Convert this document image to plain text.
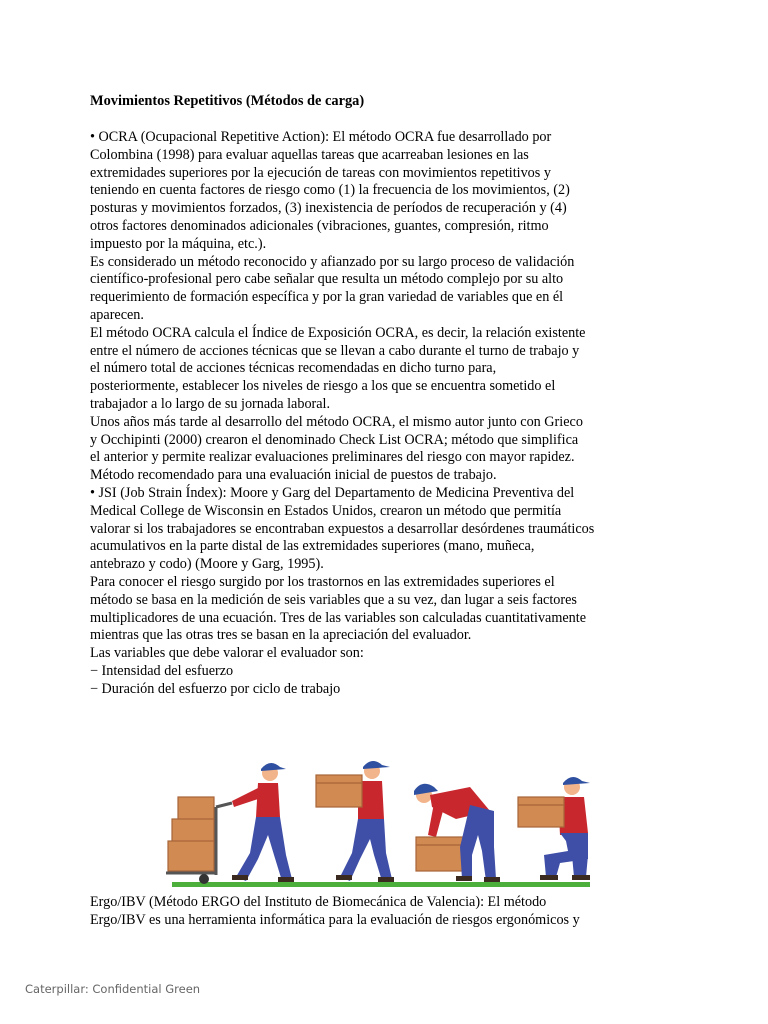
Movimientos Repetitivos (Métodos de carga)
• OCRA (Ocupacional Repetitive Action): El método OCRA fue desarrollado por
Colombina (1998) para evaluar aquellas tareas que acarreaban lesiones en las
extremidades superiores por la ejecución de tareas con movimientos repetitivos y
teniendo en cuenta factores de riesgo como (1) la frecuencia de los movimientos, (2)
posturas y movimientos forzados, (3) inexistencia de períodos de recuperación y (4)
otros factores denominados adicionales (vibraciones, guantes, compresión, ritmo
impuesto por la máquina, etc.).
Es considerado un método reconocido y afianzado por su largo proceso de validación
científico-profesional pero cabe señalar que resulta un método complejo por su alto
requerimiento de formación específica y por la gran variedad de variables que en él
aparecen.
El método OCRA calcula el Índice de Exposición OCRA, es decir, la relación existente
entre el número de acciones técnicas que se llevan a cabo durante el turno de trabajo y
el número total de acciones técnicas recomendadas en dicho turno para,
posteriormente, establecer los niveles de riesgo a los que se encuentra sometido el
trabajador a lo largo de su jornada laboral.
Unos años más tarde al desarrollo del método OCRA, el mismo autor junto con Grieco
y Occhipinti (2000) crearon el denominado Check List OCRA; método que simplifica
el anterior y permite realizar evaluaciones preliminares del riesgo con mayor rapidez.
Método recomendado para una evaluación inicial de puestos de trabajo.
• JSI (Job Strain Índex): Moore y Garg del Departamento de Medicina Preventiva del
Medical College de Wisconsin en Estados Unidos, crearon un método que permitía
valorar si los trabajadores se encontraban expuestos a desarrollar desórdenes traumáticos
acumulativos en la parte distal de las extremidades superiores (mano, muñeca,
antebrazo y codo) (Moore y Garg, 1995).
Para conocer el riesgo surgido por los trastornos en las extremidades superiores el
método se basa en la medición de seis variables que a su vez, dan lugar a seis factores
multiplicadores de una ecuación. Tres de las variables son calculadas cuantitativamente
mientras que las otras tres se basan en la apreciación del evaluador.
Las variables que debe valorar el evaluador son:
− Intensidad del esfuerzo
− Duración del esfuerzo por ciclo de trabajo
Ergo/IBV (Método ERGO del Instituto de Biomecánica de Valencia): El método
Ergo/IBV es una herramienta informática para la evaluación de riesgos ergonómicos y
Caterpillar: Confidential Green
